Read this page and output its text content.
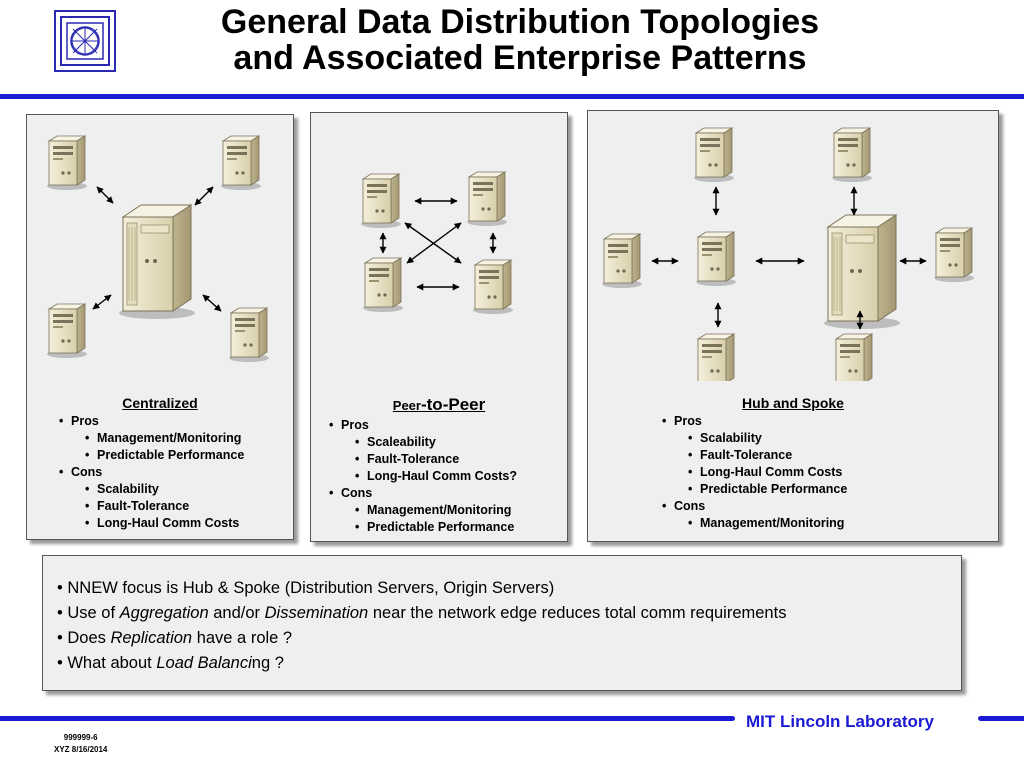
General Data Distribution Topologies
and Associated Enterprise Patterns
Centralized
• Pros
• Management/Monitoring
• Predictable Performance
• Cons
• Scalability
• Fault-Tolerance
• Long-Haul Comm Costs
Peer-to-Peer
• Pros
• Scaleability
• Fault-Tolerance
• Long-Haul Comm Costs?
• Cons
• Management/Monitoring
• Predictable Performance
Hub and Spoke
• Pros
• Scalability
• Fault-Tolerance
• Long-Haul Comm Costs
• Predictable Performance
• Cons
• Management/Monitoring
• NNEW focus is Hub & Spoke (Distribution Servers, Origin Servers)
• Use of Aggregation and/or Dissemination near the network edge reduces total comm requirements
• Does Replication have a role ?
• What about Load Balancing ?
MIT Lincoln Laboratory
999999-6
XYZ 8/16/2014
